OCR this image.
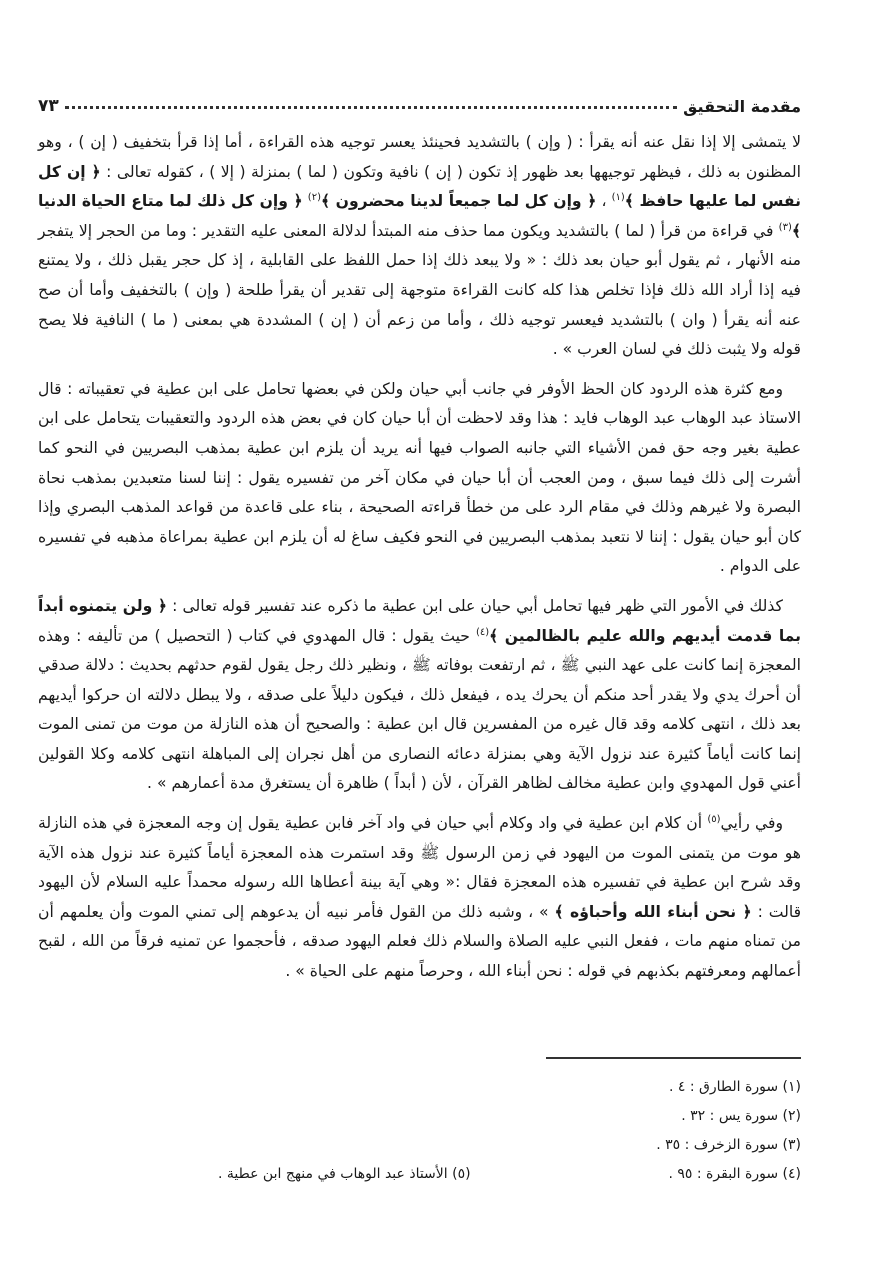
مقدمة التحقيق
٧٣

لا يتمشى إلا إذا نقل عنه أنه يقرأ : ( وإن ) بالتشديد فحينئذ يعسر توجيه هذه القراءة ، أما إذا قرأ بتخفيف ( إن ) ، وهو المظنون به ذلك ، فيظهر توجيهها بعد ظهور إذ تكون ( إن ) نافية وتكون ( لما ) بمنزلة ( إلا ) ، كقوله تعالى : ﴿ إن كل نفس لما عليها حافظ ﴾$^{(١)}$ ، ﴿ وإن كل لما جميعاً لدينا محضرون ﴾$^{(٢)}$ ﴿ وإن كل ذلك لما متاع الحياة الدنيا ﴾$^{(٣)}$ في قراءة من قرأ ( لما ) بالتشديد ويكون مما حذف منه المبتدأ لدلالة المعنى عليه التقدير : وما من الحجر إلا يتفجر منه الأنهار ، ثم يقول أبو حيان بعد ذلك : « ولا يبعد ذلك إذا حمل اللفظ على القابلية ، إذ كل حجر يقبل ذلك ، ولا يمتنع فيه إذا أراد الله ذلك فإذا تخلص هذا كله كانت القراءة متوجهة إلى تقدير أن يقرأ طلحة ( وإن ) بالتخفيف وأما أن صح عنه أنه يقرأ ( وان ) بالتشديد فيعسر توجيه ذلك ، وأما من زعم أن ( إن ) المشددة هي بمعنى ( ما ) النافية فلا يصح قوله ولا يثبت ذلك في لسان العرب » .

ومع كثرة هذه الردود كان الحظ الأوفر في جانب أبي حيان ولكن في بعضها تحامل على ابن عطية في تعقيباته : قال الاستاذ عبد الوهاب عبد الوهاب فايد : هذا وقد لاحظت أن أبا حيان كان في بعض هذه الردود والتعقيبات يتحامل على ابن عطية بغير وجه حق فمن الأشياء التي جانبه الصواب فيها أنه يريد أن يلزم ابن عطية بمذهب البصريين في النحو كما أشرت إلى ذلك فيما سبق ، ومن العجب أن أبا حيان في مكان آخر من تفسيره يقول : إننا لسنا متعبدين بمذهب نحاة البصرة ولا غيرهم وذلك في مقام الرد على من خطأ قراءته الصحيحة ، بناء على قاعدة من قواعد المذهب البصري وإذا كان أبو حيان يقول : إننا لا نتعبد بمذهب البصريين في النحو فكيف ساغ له أن يلزم ابن عطية بمراعاة مذهبه في تفسيره على الدوام .

كذلك في الأمور التي ظهر فيها تحامل أبي حيان على ابن عطية ما ذكره عند تفسير قوله تعالى : ﴿ ولن يتمنوه أبداً بما قدمت أيديهم والله عليم بالظالمين ﴾$^{(٤)}$ حيث يقول : قال المهدوي في كتاب ( التحصيل ) من تأليفه : وهذه المعجزة إنما كانت على عهد النبي ﷺ ، ثم ارتفعت بوفاته ﷺ ، ونظير ذلك رجل يقول لقوم حدثهم بحديث : دلالة صدقي أن أحرك يدي ولا يقدر أحد منكم أن يحرك يده ، فيفعل ذلك ، فيكون دليلاً على صدقه ، ولا يبطل دلالته ان حركوا أيديهم بعد ذلك ، انتهى كلامه وقد قال غيره من المفسرين قال ابن عطية : والصحيح أن هذه النازلة من موت من تمنى الموت إنما كانت أياماً كثيرة عند نزول الآية وهي بمنزلة دعائه النصارى من أهل نجران إلى المباهلة انتهى كلامه وكلا القولين أعني قول المهدوي وابن عطية مخالف لظاهر القرآن ، لأن ( أبداً ) ظاهرة أن يستغرق مدة أعمارهم » .

وفي رأيي$^{(٥)}$ أن كلام ابن عطية في واد وكلام أبي حيان في واد آخر فابن عطية يقول إن وجه المعجزة في هذه النازلة هو موت من يتمنى الموت من اليهود في زمن الرسول ﷺ وقد استمرت هذه المعجزة أياماً كثيرة عند نزول هذه الآية وقد شرح ابن عطية في تفسيره هذه المعجزة فقال :« وهي آية بينة أعطاها الله رسوله محمداً عليه السلام لأن اليهود قالت : ﴿ نحن أبناء الله وأحباؤه ﴾ » ، وشبه ذلك من القول فأمر نبيه أن يدعوهم إلى تمني الموت وأن يعلمهم أن من تمناه منهم مات ، ففعل النبي عليه الصلاة والسلام ذلك فعلم اليهود صدقه ، فأحجموا عن تمنيه فرقاً من الله ، لقبح أعمالهم ومعرفتهم بكذبهم في قوله : نحن أبناء الله ، وحرصاً منهم على الحياة » .

(١) سورة الطارق : ٤ .
(٢) سورة يس : ٣٢ .
(٣) سورة الزخرف : ٣٥ .
(٤) سورة البقرة : ٩٥ .
(٥) الأستاذ عبد الوهاب في منهج ابن عطية .
